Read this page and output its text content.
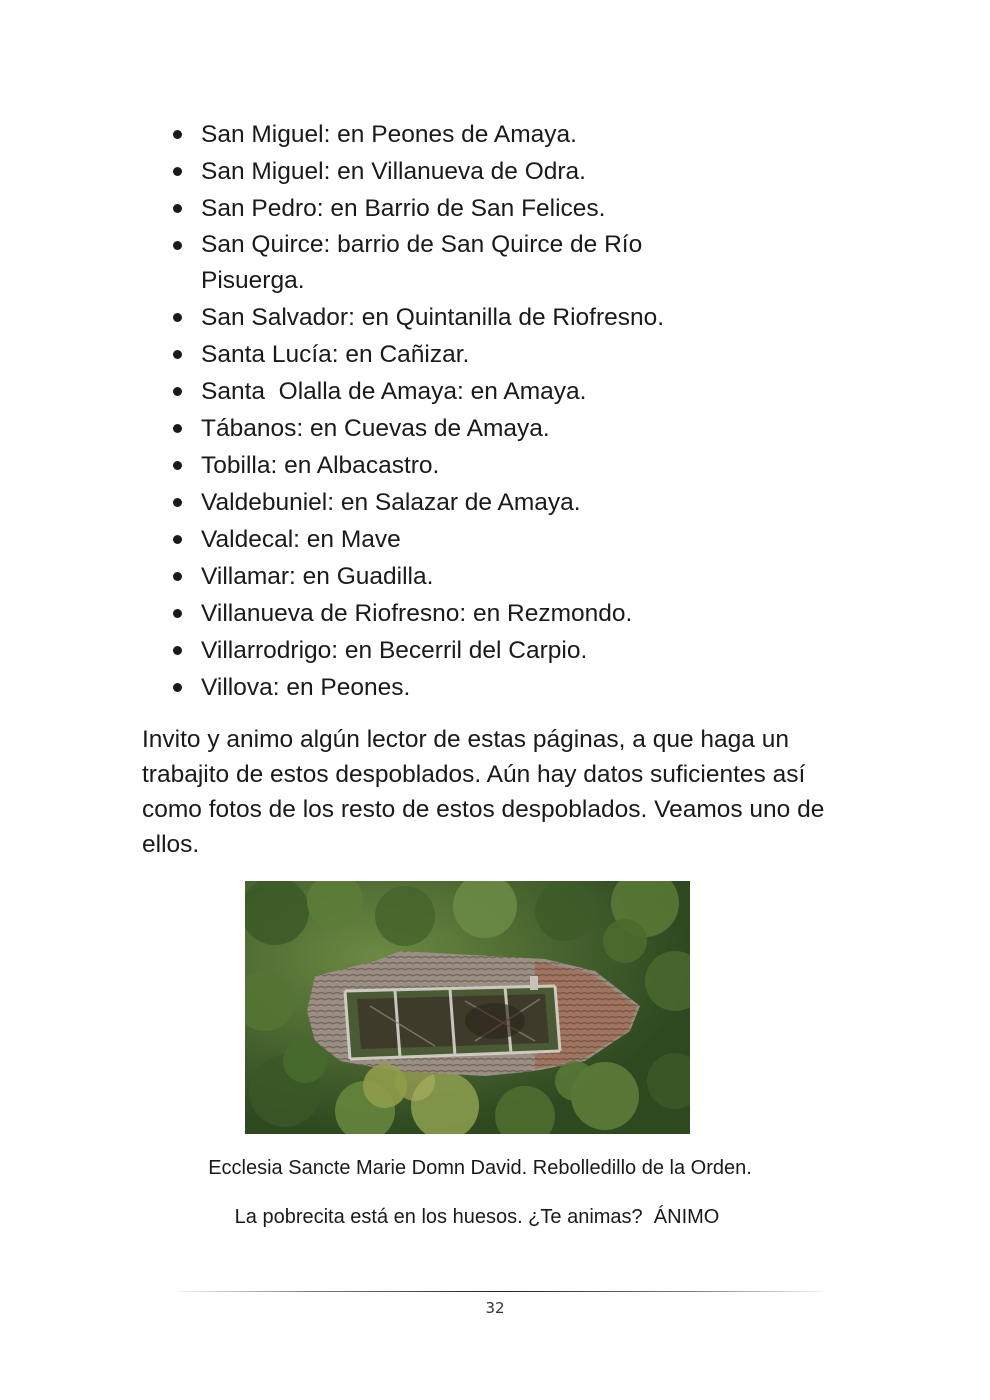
San Miguel: en Peones de Amaya.
San Miguel: en Villanueva de Odra.
San Pedro: en Barrio de San Felices.
San Quirce: barrio de San Quirce de Río Pisuerga.
San Salvador: en Quintanilla de Riofresno.
Santa Lucía: en Cañizar.
Santa  Olalla de Amaya: en Amaya.
Tábanos: en Cuevas de Amaya.
Tobilla: en Albacastro.
Valdebuniel: en Salazar de Amaya.
Valdecal: en Mave
Villamar: en Guadilla.
Villanueva de Riofresno: en Rezmondo.
Villarrodrigo: en Becerril del Carpio.
Villova: en Peones.

Invito y animo algún lector de estas páginas, a que haga un trabajito de estos despoblados. Aún hay datos suficientes así como fotos de los resto de estos despoblados. Veamos uno de ellos.

Ecclesia Sancte Marie Domn David. Rebolledillo de la Orden.

La pobrecita está en los huesos. ¿Te animas?  ÁNIMO

32
